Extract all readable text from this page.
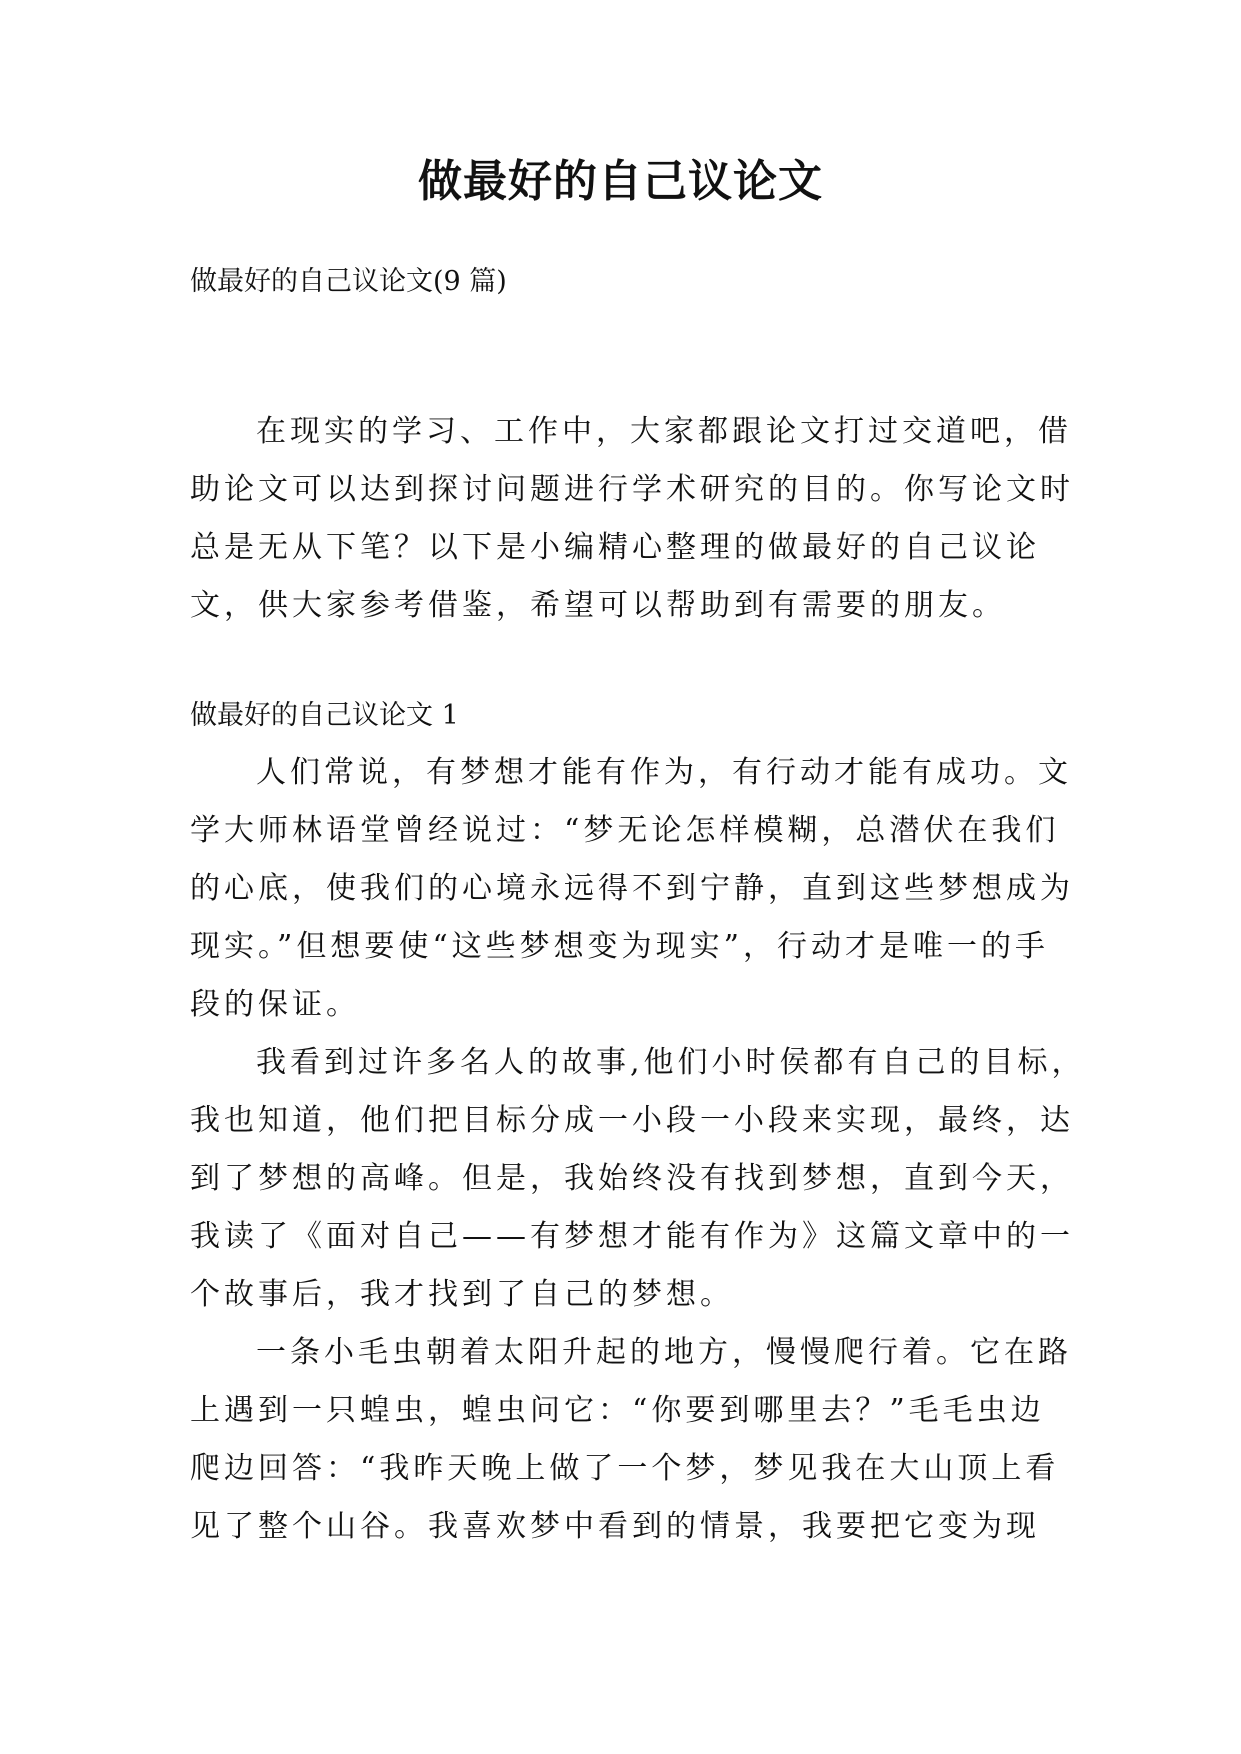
做最好的自己议论文

做最好的自己议论文(9 篇)

在现实的学习、工作中，大家都跟论文打过交道吧，借
助论文可以达到探讨问题进行学术研究的目的。你写论文时
总是无从下笔？以下是小编精心整理的做最好的自己议论
文，供大家参考借鉴，希望可以帮助到有需要的朋友。

做最好的自己议论文 1

人们常说，有梦想才能有作为，有行动才能有成功。文
学大师林语堂曾经说过：“梦无论怎样模糊，总潜伏在我们
的心底，使我们的心境永远得不到宁静，直到这些梦想成为
现实。”但想要使“这些梦想变为现实”，行动才是唯一的手
段的保证。
我看到过许多名人的故事,他们小时侯都有自己的目标，
我也知道，他们把目标分成一小段一小段来实现，最终，达
到了梦想的高峰。但是，我始终没有找到梦想，直到今天，
我读了《面对自己——有梦想才能有作为》这篇文章中的一
个故事后，我才找到了自己的梦想。
一条小毛虫朝着太阳升起的地方，慢慢爬行着。它在路
上遇到一只蝗虫，蝗虫问它：“你要到哪里去？”毛毛虫边
爬边回答：“我昨天晚上做了一个梦，梦见我在大山顶上看
见了整个山谷。我喜欢梦中看到的情景，我要把它变为现
